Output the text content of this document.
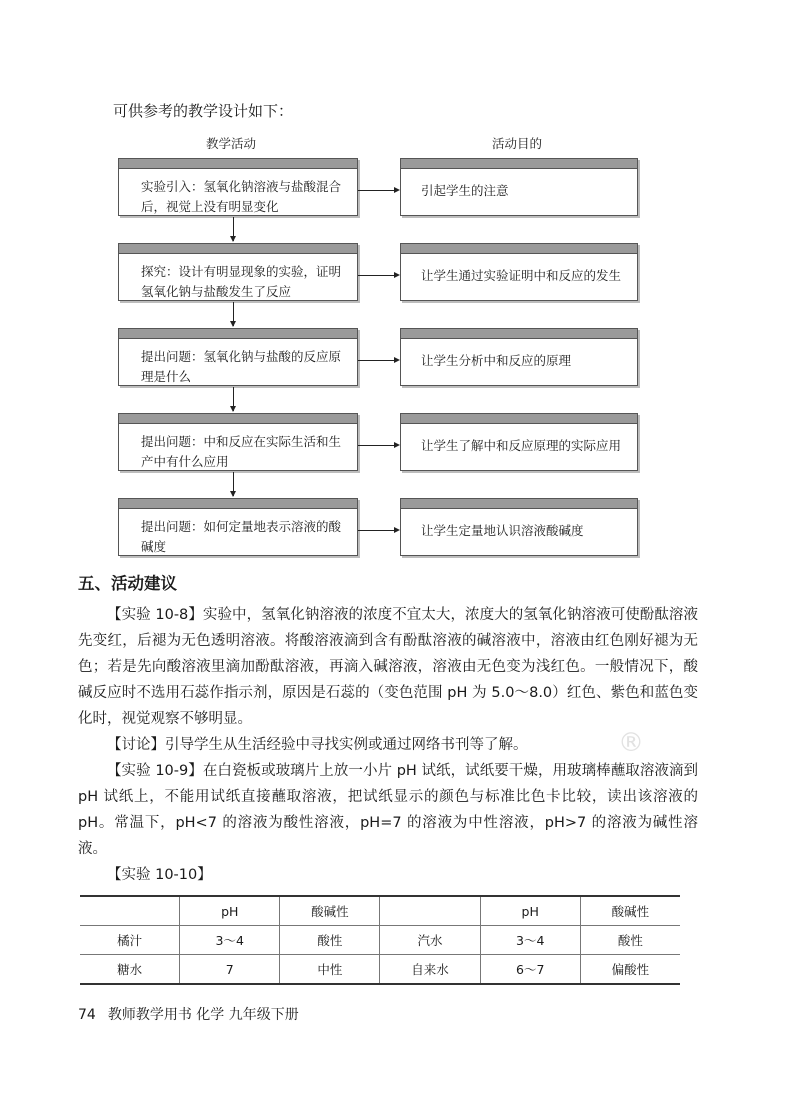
可供参考的教学设计如下：
教学活动	活动目的
实验引入：氢氧化钠溶液与盐酸混合后，视觉上没有明显变化
引起学生的注意
探究：设计有明显现象的实验，证明氢氧化钠与盐酸发生了反应
让学生通过实验证明中和反应的发生
提出问题：氢氧化钠与盐酸的反应原理是什么
让学生分析中和反应的原理
提出问题：中和反应在实际生活和生产中有什么应用
让学生了解中和反应原理的实际应用
提出问题：如何定量地表示溶液的酸碱度
让学生定量地认识溶液酸碱度

®
五、活动建议

【实验 10-8】实验中，氢氧化钠溶液的浓度不宜太大，浓度大的氢氧化钠溶液可使酚酞溶液先变红，后褪为无色透明溶液。将酸溶液滴到含有酚酞溶液的碱溶液中，溶液由红色刚好褪为无色；若是先向酸溶液里滴加酚酞溶液，再滴入碱溶液，溶液由无色变为浅红色。一般情况下，酸碱反应时不选用石蕊作指示剂，原因是石蕊的（变色范围 pH 为 5.0～8.0）红色、紫色和蓝色变化时，视觉观察不够明显。

【讨论】引导学生从生活经验中寻找实例或通过网络书刊等了解。

【实验 10-9】在白瓷板或玻璃片上放一小片 pH 试纸，试纸要干燥，用玻璃棒蘸取溶液滴到 pH 试纸上，不能用试纸直接蘸取溶液，把试纸显示的颜色与标准比色卡比较，读出该溶液的 pH。常温下，pH<7 的溶液为酸性溶液，pH=7 的溶液为中性溶液，pH>7 的溶液为碱性溶液。

【实验 10-10】

	pH	酸碱性		pH	酸碱性
橘汁	3～4	酸性	汽水	3～4	酸性
糖水	7	中性	自来水	6～7	偏酸性
74 教师教学用书 化学 九年级下册
